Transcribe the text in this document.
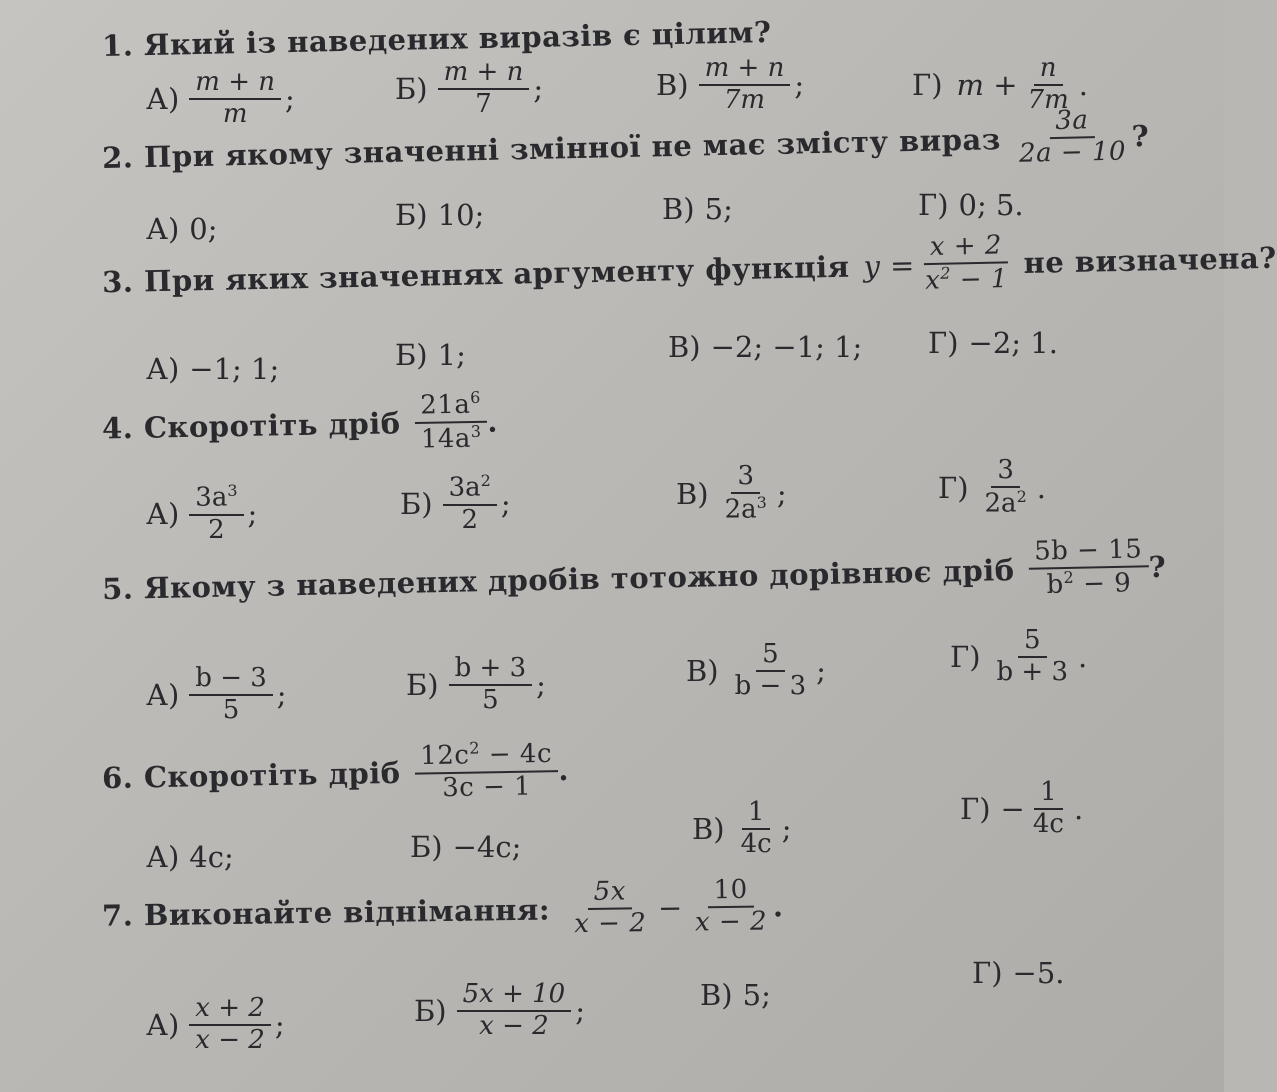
1. Який із наведених виразів є цілим?
$А) \frac{m + n}{m}$ ;	$Б) \frac{m + n}{7}$ ;	$В) \frac{m + n}{7m}$ ;	Г) $m + \frac{n}{7m}$ .
2. При якому значенні змінної не має змісту вираз $\frac{3a}{2a - 10}$
?
А) 0;	Б) 10;	В) 5;	Г) 0; 5.
3. При яких значеннях аргументу функція $y = \frac{x + 2}{x^2 - 1}$ не визначена?
А) −1; 1;	Б) 1;	В) −2; −1; 1; Г) −2; 1.
4. Скоротіть дріб $\frac{21a^6}{14a^3}$ .
$А) \frac{3a^3}{2}$ ;	$Б) \frac{3a^2}{2}$ ;	$В) \frac{3}{2a^3}$ ;	$Г) \frac{3}{2a^2}$ .
5. Якому з наведених дробів тотожно дорівнює дріб $\frac{5b - 15}{b^2 - 9}$
?
$А) \frac{b - 3}{5}$ ;	$Б) \frac{b + 3}{5}$ ;	$В) \frac{5}{b - 3}$ ;	$Г) \frac{5}{b + 3}$ .
6. Скоротіть дріб $\frac{12c^2 - 4c}{3c - 1}$ .
А) 4c;	Б) −4c;
$В) \frac{1}{4c}$ ;
$Г) - \frac{1}{4c}$ .
7. Виконайте віднімання: $\frac{5x}{x - 2} - \frac{10}{x - 2}$ .
$А) \frac{x + 2}{x - 2}$ ;	$Б) \frac{5x + 10}{x - 2}$ ;	В) 5;
Г) −5.
